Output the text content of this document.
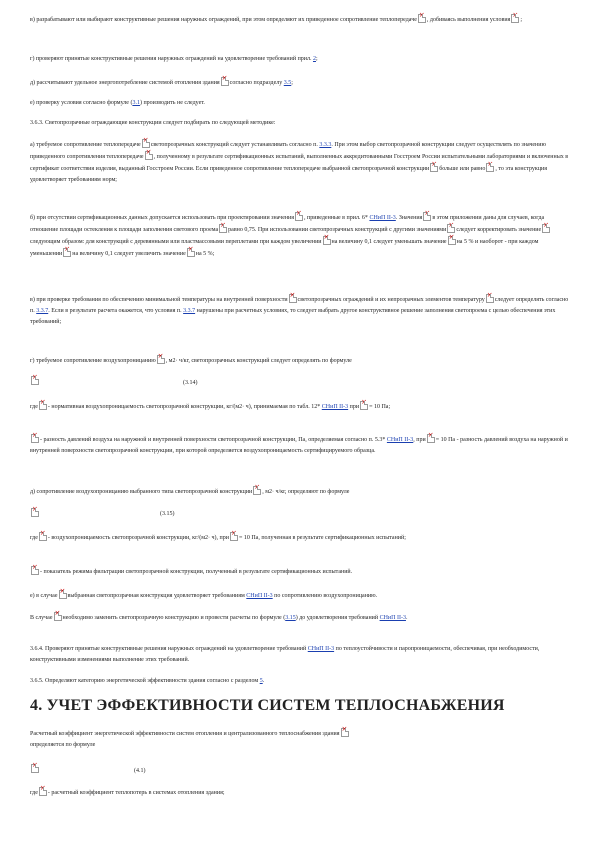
в) разрабатывают или выбирают конструктивные решения наружных ограждений, при этом определяют их приведенное сопротивление теплопередаче × , добиваясь выполнения условия × ;
г) проверяют принятые конструктивные решения наружных ограждений на удовлетворение требований прил. 2;
д) рассчитывают удельное энергопотребление системой отопления здания × согласно подразделу 3.5;
е) проверку условия согласно формуле (3.1) производить не следует.
3.6.3. Светопрозрачные ограждающие конструкции следует подбирать по следующей методике:
а) требуемое сопротивление теплопередаче × светопрозрачных конструкций следует устанавливать согласно п. 3.3.3. При этом выбор светопрозрачной конструкции следует осуществлять по значению приведенного сопротивления теплопередаче × , полученному в результате сертификационных испытаний, выполненных аккредитованными Госстроем России испытательными лабораториями и включенных в сертификат соответствия изделия, выданный Госстроем России. Если приведенное сопротивление теплопередаче выбранной светопрозрачной конструкции × больше или равно × , то эта конструкция удовлетворяет требованиям норм;
б) при отсутствии сертификационных данных допускается использовать при проектировании значения × , приведенные в прил. 6* СНиП II-3. Значения × в этом приложении даны для случаев, когда отношение площади остекления к площади заполнения светового проема × равно 0,75. При использовании светопрозрачных конструкций с другими значениями × следует корректировать значение×следующим образом: для конструкций с деревянными или пластмассовыми переплетами при каждом увеличении × на величину 0,1 следует уменьшать значение × на 5 % и наоборот - при каждом уменьшении × на величину 0,1 следует увеличить значение × на 5 %;
в) при проверке требования по обеспечению минимальной температуры на внутренней поверхности × светопрозрачных ограждений и их непрозрачных элементов температуру × следует определять согласно п. 3.3.7. Если в результате расчета окажется, что условия п. 3.3.7 нарушены при расчетных условиях, то следует выбрать другое конструктивное решение заполнения светопроема с целью обеспечения этих требований;
г) требуемое сопротивление воздухопроницанию × , м2· ч/кг, светопрозрачных конструкций следует определять по формуле
×
(3.14)
где × - нормативная воздухопроницаемость светопрозрачной конструкции, кг/(м2· ч), принимаемая по табл. 12* СНиП II-3 при × = 10 Па;
×- разность давлений воздуха на наружной и внутренней поверхности светопрозрачной конструкции, Па, определяемая согласно п. 5.3* СНиП II-3, при × = 10 Па - разность давлений воздуха на наружной и внутренней поверхности светопрозрачной конструкции, при которой определяется воздухопроницаемость сертифицируемого образца.
д) сопротивление воздухопроницанию выбранного типа светопрозрачной конструкции × , м2· ч/кг, определяют по формуле
×
(3.15)
где × - воздухопроницаемость светопрозрачной конструкции, кг/(м2· ч), при × = 10 Па, полученная в результате сертификационных испытаний;
×- показатель режима фильтрации светопрозрачной конструкции, полученный в результате сертификационных испытаний.
е) в случае × выбранная светопрозрачная конструкция удовлетворяет требованиям СНиП II-3 по сопротивлению воздухопроницанию.
В случае × необходимо заменить светопрозрачную конструкцию и провести расчеты по формуле (3.15) до удовлетворения требований СНиП II-3.
3.6.4. Проверяют принятые конструктивные решения наружных ограждений на удовлетворение требований СНиП II-3 по теплоустойчивости и паропроницаемости, обеспечивая, при необходимости, конструктивными изменениями выполнение этих требований.
3.6.5. Определяют категорию энергетической эффективности здания согласно с разделом 5.
4. УЧЕТ ЭФФЕКТИВНОСТИ СИСТЕМ ТЕПЛОСНАБЖЕНИЯ
Расчетный коэффициент энергетической эффективности систем отопления и централизованного теплоснабжения здания×
определяется по формуле
×
(4.1)
где × - расчетный коэффициент теплопотерь в системах отопления здания;
